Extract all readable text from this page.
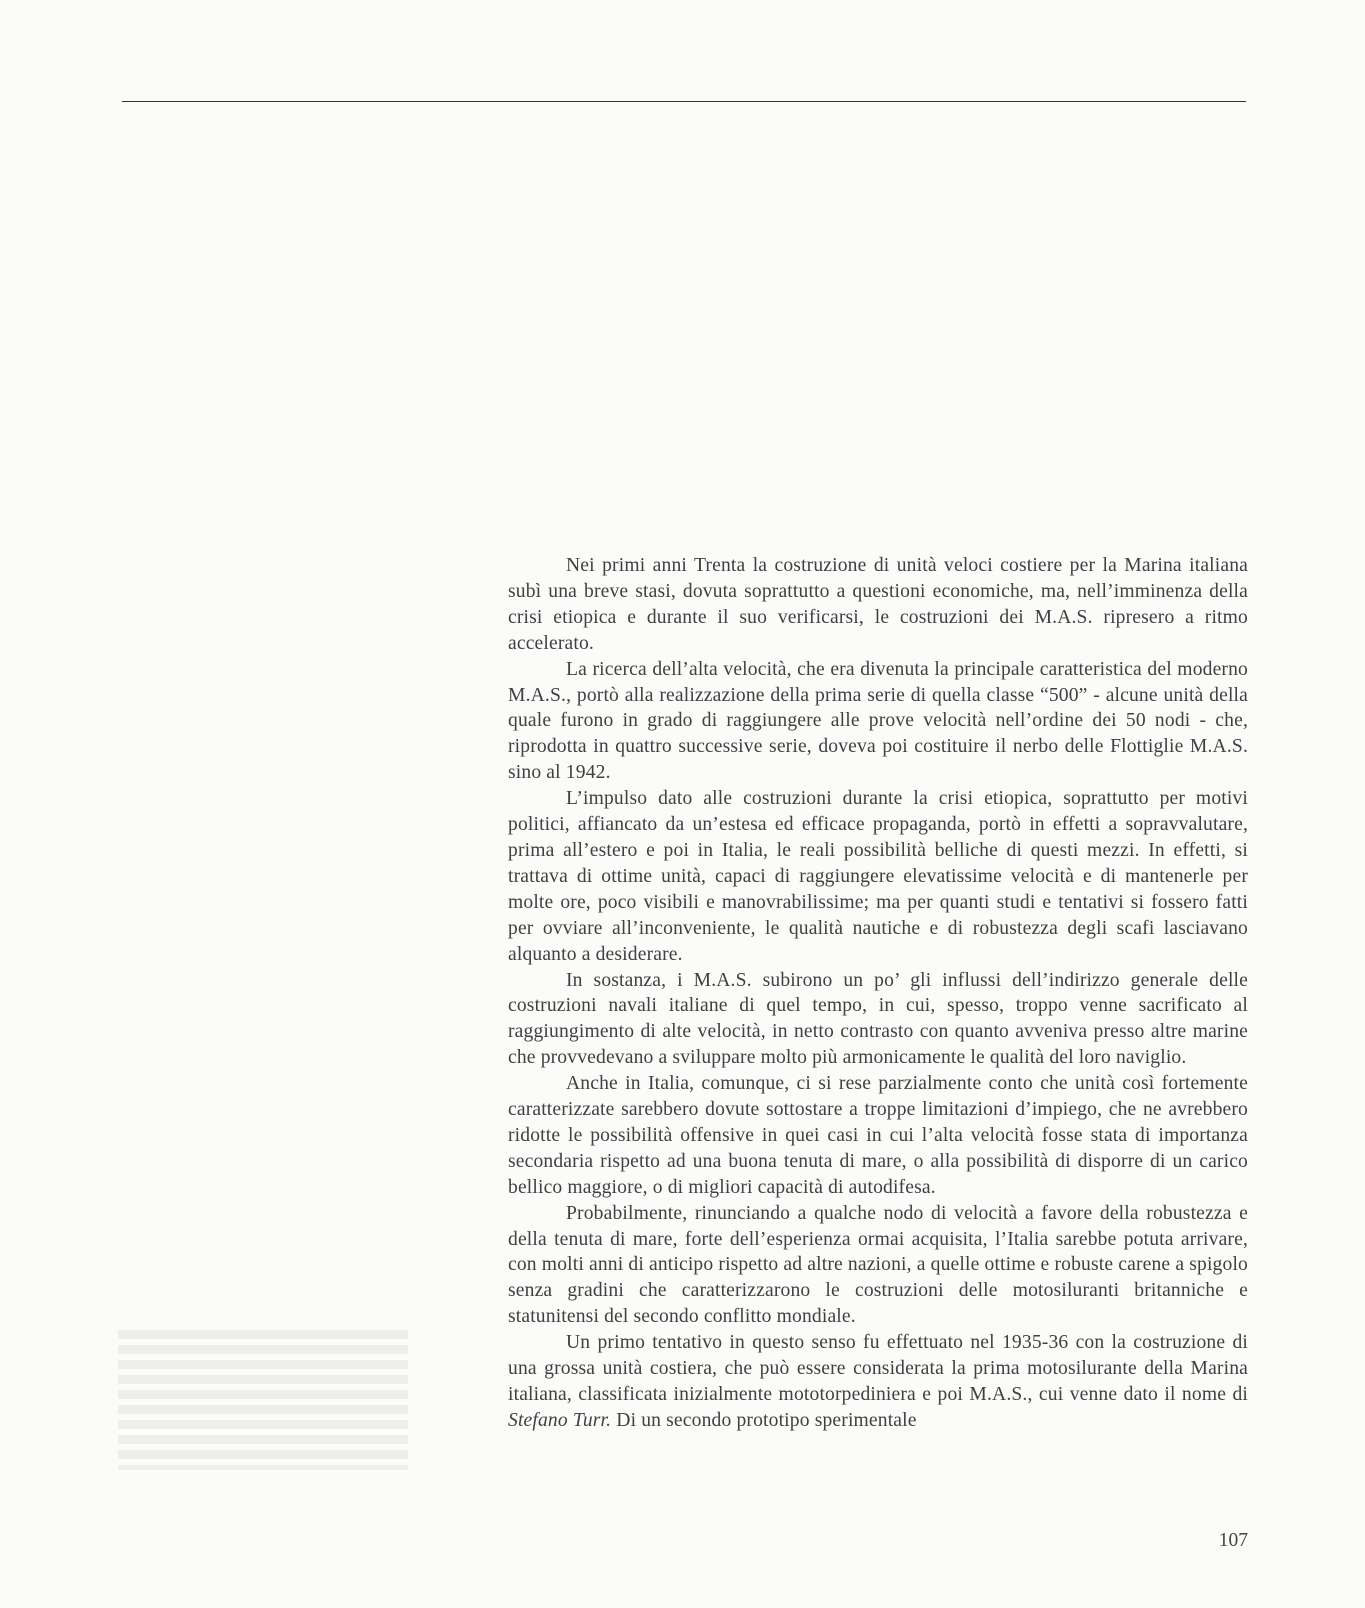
Nei primi anni Trenta la costruzione di unità veloci costiere per la Marina italiana subì una breve stasi, dovuta soprattutto a questioni economiche, ma, nell’imminenza della crisi etiopica e durante il suo verificarsi, le costruzioni dei M.A.S. ripresero a ritmo accelerato.

La ricerca dell’alta velocità, che era divenuta la principale caratteristica del moderno M.A.S., portò alla realizzazione della prima serie di quella classe “500” - alcune unità della quale furono in grado di raggiungere alle prove velocità nell’ordine dei 50 nodi - che, riprodotta in quattro successive serie, doveva poi costituire il nerbo delle Flottiglie M.A.S. sino al 1942.

L’impulso dato alle costruzioni durante la crisi etiopica, soprattutto per motivi politici, affiancato da un’estesa ed efficace propaganda, portò in effetti a sopravvalutare, prima all’estero e poi in Italia, le reali possibilità belliche di questi mezzi. In effetti, si trattava di ottime unità, capaci di raggiungere elevatissime velocità e di mantenerle per molte ore, poco visibili e manovrabilissime; ma per quanti studi e tentativi si fossero fatti per ovviare all’inconveniente, le qualità nautiche e di robustezza degli scafi lasciavano alquanto a desiderare.

In sostanza, i M.A.S. subirono un po’ gli influssi dell’indirizzo generale delle costruzioni navali italiane di quel tempo, in cui, spesso, troppo venne sacrificato al raggiungimento di alte velocità, in netto contrasto con quanto avveniva presso altre marine che provvedevano a sviluppare molto più armonicamente le qualità del loro naviglio.

Anche in Italia, comunque, ci si rese parzialmente conto che unità così fortemente caratterizzate sarebbero dovute sottostare a troppe limitazioni d’impiego, che ne avrebbero ridotte le possibilità offensive in quei casi in cui l’alta velocità fosse stata di importanza secondaria rispetto ad una buona tenuta di mare, o alla possibilità di disporre di un carico bellico maggiore, o di migliori capacità di autodifesa.

Probabilmente, rinunciando a qualche nodo di velocità a favore della robustezza e della tenuta di mare, forte dell’esperienza ormai acquisita, l’Italia sarebbe potuta arrivare, con molti anni di anticipo rispetto ad altre nazioni, a quelle ottime e robuste carene a spigolo senza gradini che caratterizzarono le costruzioni delle motosiluranti britanniche e statunitensi del secondo conflitto mondiale.

Un primo tentativo in questo senso fu effettuato nel 1935-36 con la costruzione di una grossa unità costiera, che può essere considerata la prima motosilurante della Marina italiana, classificata inizialmente mototorpediniera e poi M.A.S., cui venne dato il nome di Stefano Turr. Di un secondo prototipo sperimentale

107
